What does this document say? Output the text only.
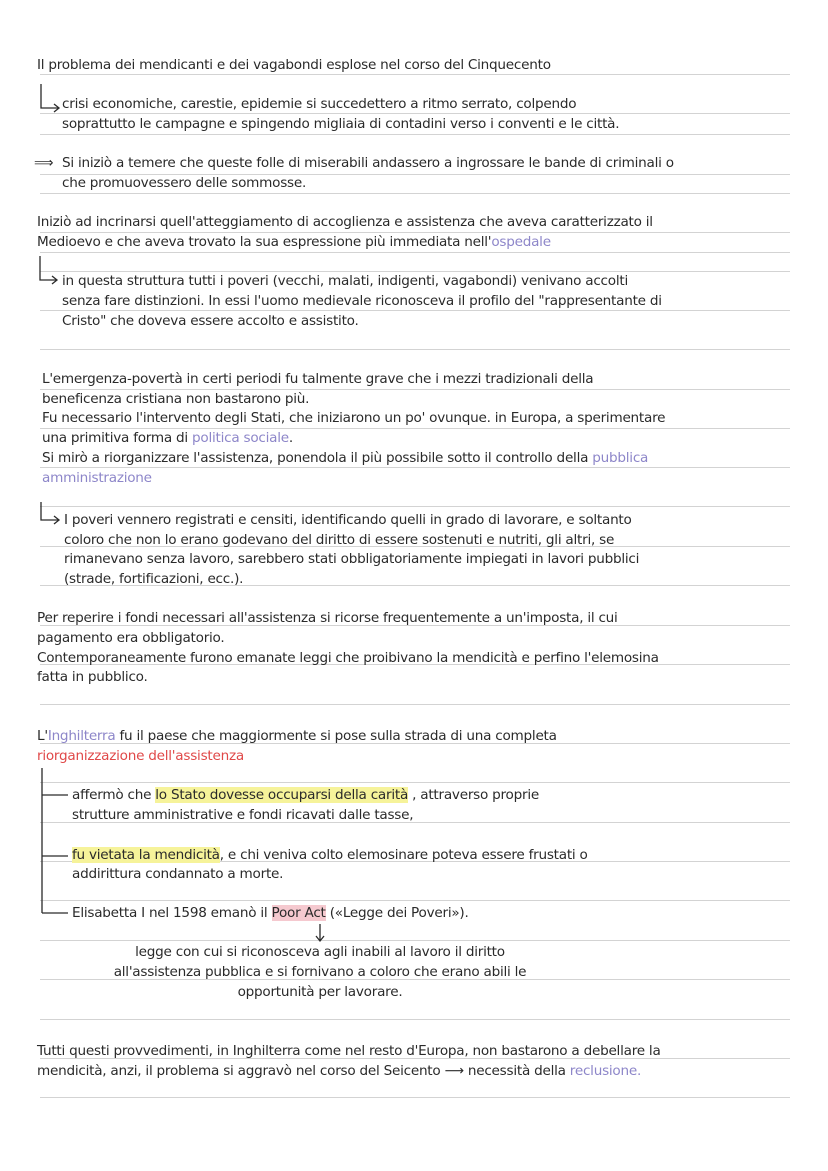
Il problema dei mendicanti e dei vagabondi esplose nel corso del Cinquecento
crisi economiche, carestie, epidemie si succedettero a ritmo serrato, colpendo
soprattutto le campagne e spingendo migliaia di contadini verso i conventi e le città.
⟹ Si iniziò a temere che queste folle di miserabili andassero a ingrossare le bande di criminali o
che promuovessero delle sommosse.
Iniziò ad incrinarsi quell'atteggiamento di accoglienza e assistenza che aveva caratterizzato il
Medioevo e che aveva trovato la sua espressione più immediata nell'ospedale
in questa struttura tutti i poveri (vecchi, malati, indigenti, vagabondi) venivano accolti
senza fare distinzioni. In essi l'uomo medievale riconosceva il profilo del "rappresentante di
Cristo" che doveva essere accolto e assistito.
L'emergenza-povertà in certi periodi fu talmente grave che i mezzi tradizionali della
beneficenza cristiana non bastarono più.
Fu necessario l'intervento degli Stati, che iniziarono un po' ovunque. in Europa, a sperimentare
una primitiva forma di politica sociale.
Si mirò a riorganizzare l'assistenza, ponendola il più possibile sotto il controllo della pubblica
amministrazione
I poveri vennero registrati e censiti, identificando quelli in grado di lavorare, e soltanto
coloro che non lo erano godevano del diritto di essere sostenuti e nutriti, gli altri, se
rimanevano senza lavoro, sarebbero stati obbligatoriamente impiegati in lavori pubblici
(strade, fortificazioni, ecc.).
Per reperire i fondi necessari all'assistenza si ricorse frequentemente a un'imposta, il cui
pagamento era obbligatorio.
Contemporaneamente furono emanate leggi che proibivano la mendicità e perfino l'elemosina
fatta in pubblico.
L'Inghilterra fu il paese che maggiormente si pose sulla strada di una completa
riorganizzazione dell'assistenza
affermò che lo Stato dovesse occuparsi della carità , attraverso proprie
strutture amministrative e fondi ricavati dalle tasse,
fu vietata la mendicità, e chi veniva colto elemosinare poteva essere frustati o
addirittura condannato a morte.
Elisabetta I nel 1598 emanò il Poor Act («Legge dei Poveri»).
legge con cui si riconosceva agli inabili al lavoro il diritto
all'assistenza pubblica e si fornivano a coloro che erano abili le
opportunità per lavorare.
Tutti questi provvedimenti, in Inghilterra come nel resto d'Europa, non bastarono a debellare la
mendicità, anzi, il problema si aggravò nel corso del Seicento ⟶ necessità della reclusione.
